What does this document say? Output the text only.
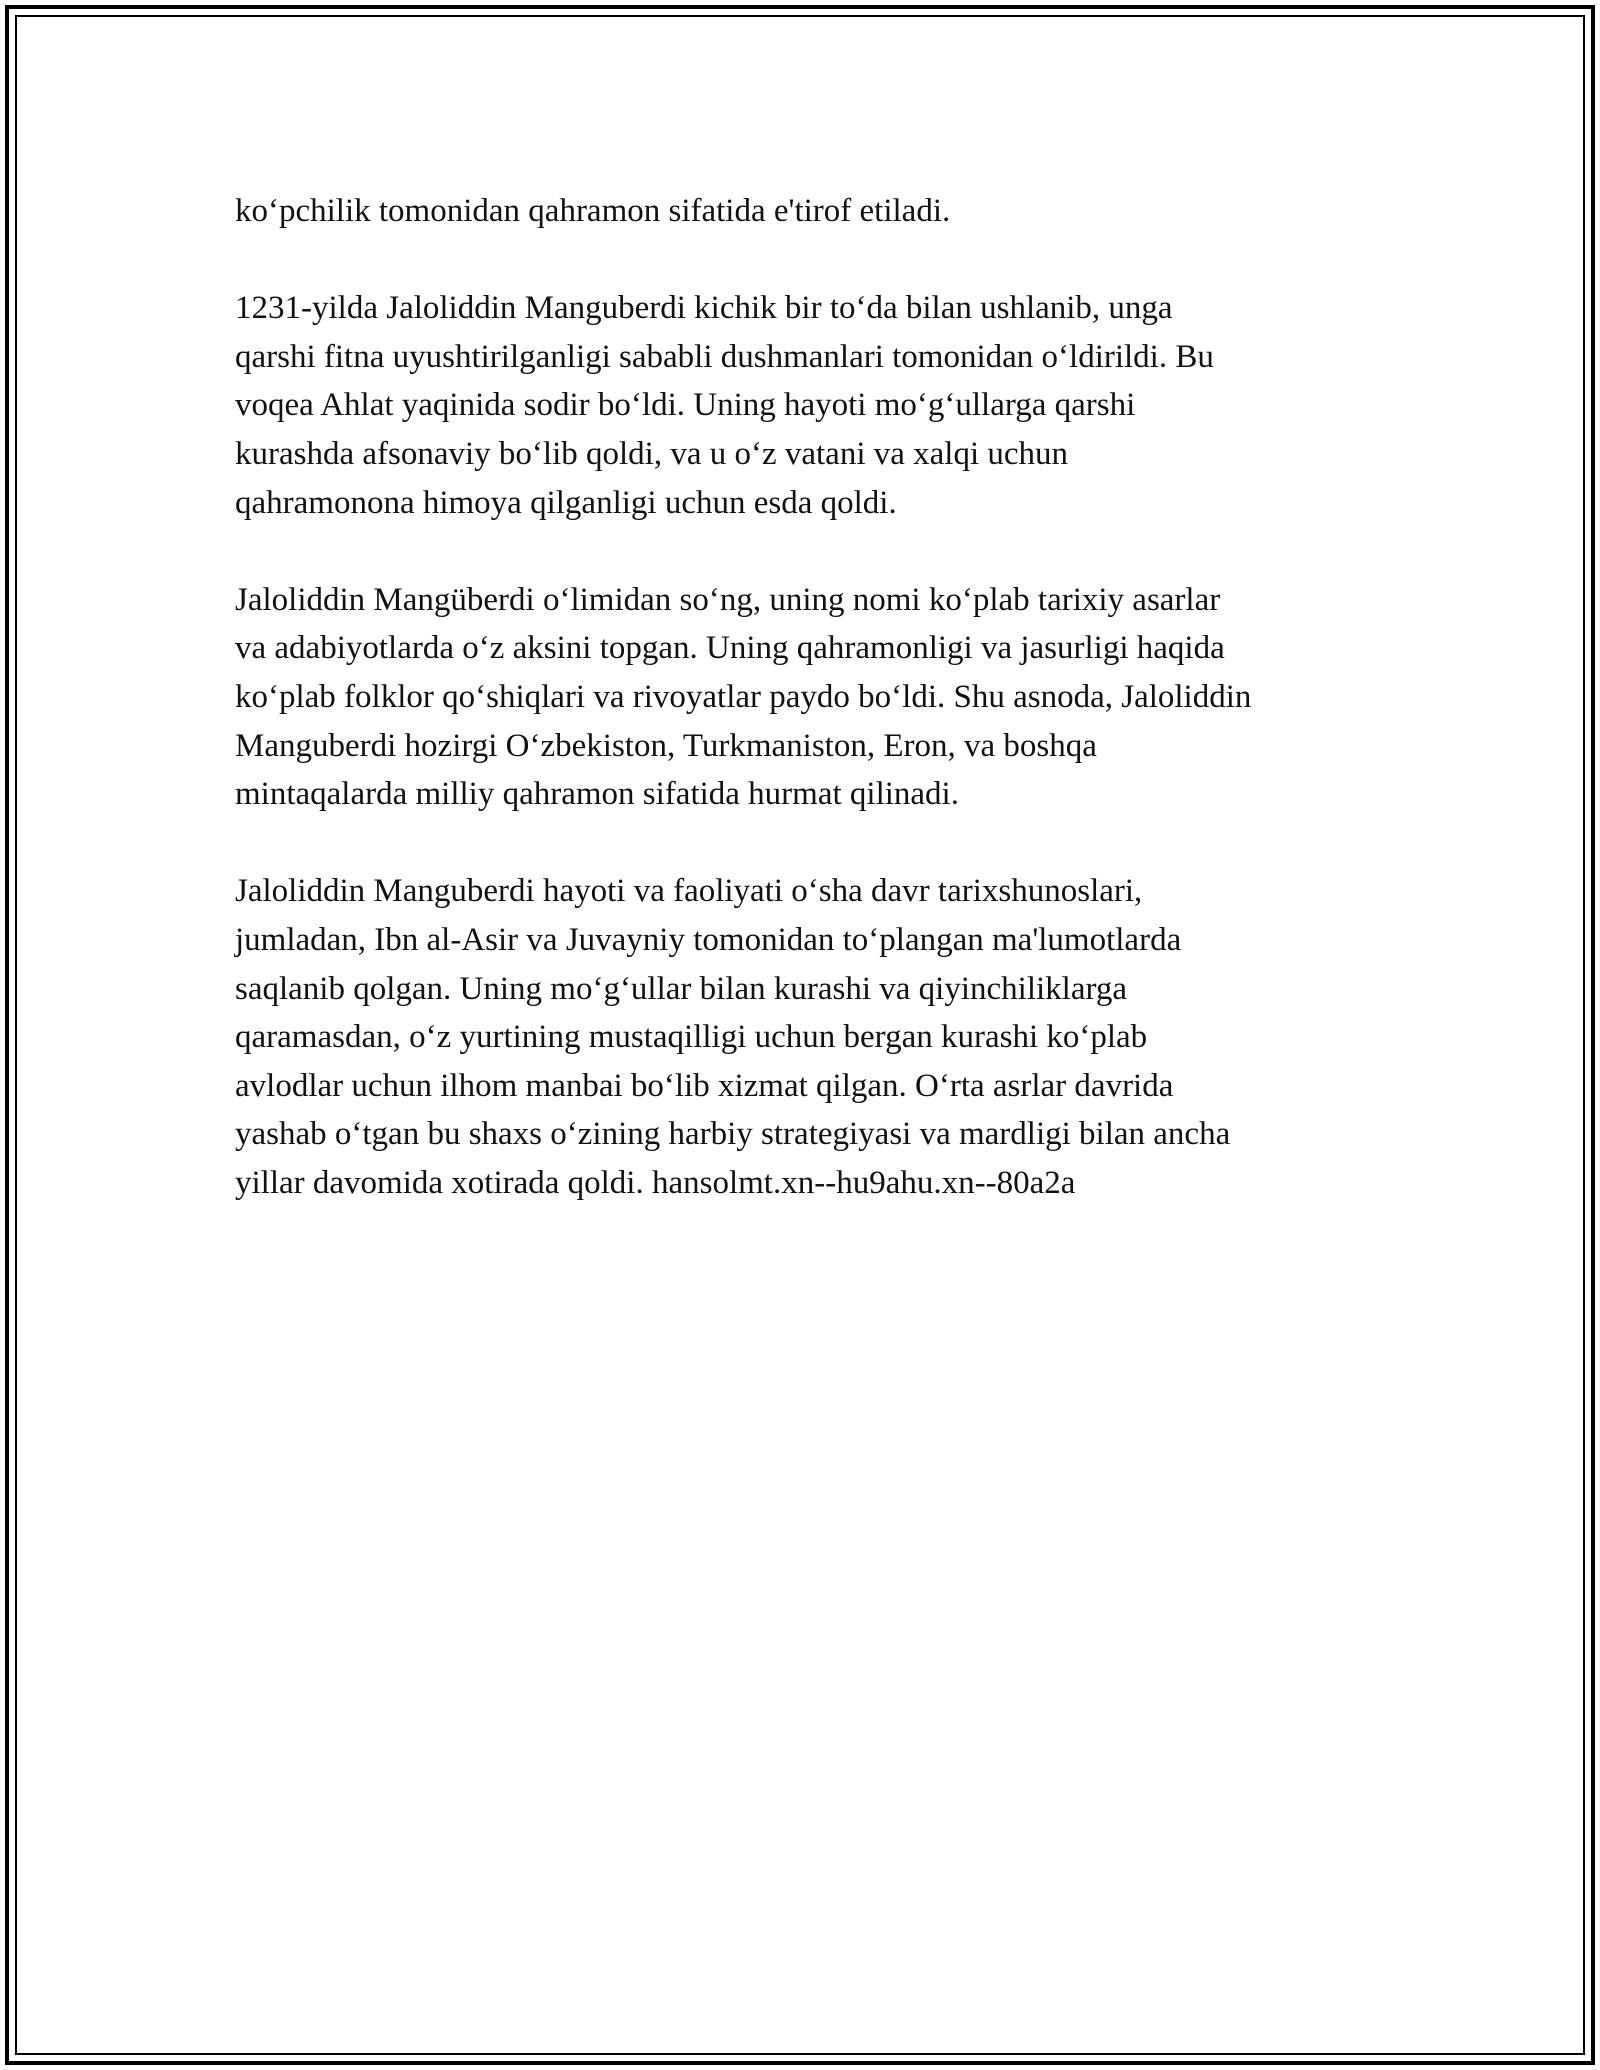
koʻpchilik tomonidan qahramon sifatida e'tirof etiladi.

1231-yilda Jaloliddin Manguberdi kichik bir toʻda bilan ushlanib, unga
qarshi fitna uyushtirilganligi sababli dushmanlari tomonidan oʻldirildi. Bu
voqea Ahlat yaqinida sodir boʻldi. Uning hayoti moʻgʻullarga qarshi
kurashda afsonaviy boʻlib qoldi, va u oʻz vatani va xalqi uchun
qahramonona himoya qilganligi uchun esda qoldi.

Jaloliddin Mangüberdi oʻlimidan soʻng, uning nomi koʻplab tarixiy asarlar
va adabiyotlarda oʻz aksini topgan. Uning qahramonligi va jasurligi haqida
koʻplab folklor qoʻshiqlari va rivoyatlar paydo boʻldi. Shu asnoda, Jaloliddin
Manguberdi hozirgi Oʻzbekiston, Turkmaniston, Eron, va boshqa
mintaqalarda milliy qahramon sifatida hurmat qilinadi.

Jaloliddin Manguberdi hayoti va faoliyati oʻsha davr tarixshunoslari,
jumladan, Ibn al-Asir va Juvayniy tomonidan toʻplangan ma'lumotlarda
saqlanib qolgan. Uning moʻgʻullar bilan kurashi va qiyinchiliklarga
qaramasdan, oʻz yurtining mustaqilligi uchun bergan kurashi koʻplab
avlodlar uchun ilhom manbai boʻlib xizmat qilgan. Oʻrta asrlar davrida
yashab oʻtgan bu shaxs oʻzining harbiy strategiyasi va mardligi bilan ancha
yillar davomida xotirada qoldi. hansolmt.xn--hu9ahu.xn--80a2a
